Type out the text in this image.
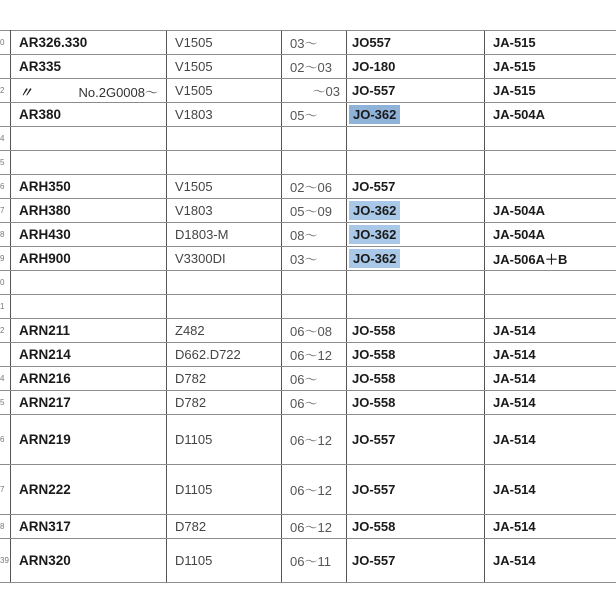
0	AR326.330	V1505	03〜	JO557	JA-515
	AR335	V1505	02〜03	JO-180	JA-515
2	〃 No.2G0008〜	V1505	〜03	JO-557	JA-515
	AR380	V1803	05〜	JO-362	JA-504A
4					
5					
6	ARH350	V1505	02〜06	JO-557	
7	ARH380	V1803	05〜09	JO-362	JA-504A
8	ARH430	D1803-M	08〜	JO-362	JA-504A
9	ARH900	V3300DI	03〜	JO-362	JA-506A＋B
0					
1					
2	ARN211	Z482	06〜08	JO-558	JA-514
	ARN214	D662.D722	06〜12	JO-558	JA-514
4	ARN216	D782	06〜	JO-558	JA-514
5	ARN217	D782	06〜	JO-558	JA-514
6	ARN219	D1105	06〜12	JO-557	JA-514
7	ARN222	D1105	06〜12	JO-557	JA-514
8	ARN317	D782	06〜12	JO-558	JA-514
39	ARN320	D1105	06〜11	JO-557	JA-514
